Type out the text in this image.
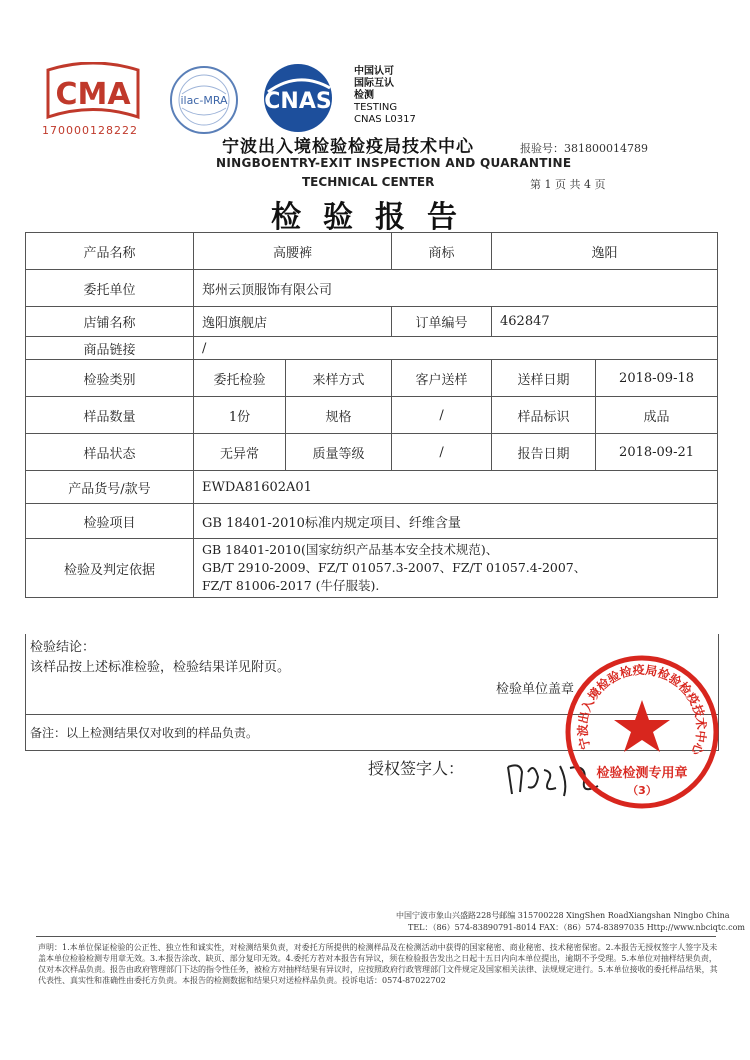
CMA
170000128222
ilac-MRA CNAS
中国认可
国际互认
检测
TESTING
CNAS L0317
宁波出入境检验检疫局技术中心
NINGBOENTRY-EXIT INSPECTION AND QUARANTINE
TECHNICAL CENTER
报验号：381800014789
第 1 页 共 4 页
检验报告
产品名称	高腰裤		商标	逸阳	
委托单位	郑州云顶服饰有限公司				
店铺名称	逸阳旗舰店		订单编号	462847	
商品链接	/				
检验类别	委托检验	来样方式	客户送样	送样日期	2018-09-18
样品数量	1份	规格	/	样品标识	成品
样品状态	无异常	质量等级	/	报告日期	2018-09-21
产品货号/款号	EWDA81602A01				
检验项目	GB 18401-2010标准内规定项目、纤维含量				
检验及判定依据	GB 18401-2010(国家纺织产品基本安全技术规范)、
GB/T 2910-2009、FZ/T 01057.3-2007、FZ/T 01057.4-2007、
FZ/T 81006-2017 (牛仔服装).				
检验结论：
该样品按上述标准检验，检验结果详见附页。
检验单位盖章
备注：以上检测结果仅对收到的样品负责。
授权签字人：
宁波出入境检验检疫局检验检疫技术中心
检验检测专用章
（3）
中国宁波市象山兴盛路228号邮编 315700228 XingShen RoadXiangshan Ningbo China
TEL：（86）574-83890791-8014 FAX：（86）574-83897035 Http://www.nbciqtc.com
声明：1.本单位保证检验的公正性、独立性和诚实性，对检测结果负责，对委托方所提供的检测样品及在检测活动中获得的国家秘密、商业秘密、技术秘密保密。2.本报告无授权签字人签字及未盖本单位检验检测专用章无效。3.本报告涂改、缺页、部分复印无效。4.委托方若对本报告有异议，须在检验报告发出之日起十五日内向本单位提出，逾期不予受理。5.本单位对抽样结果负责，仅对本次样品负责。报告由政府管理部门下达的指令性任务，被检方对抽样结果有异议时，应按照政府行政管理部门文件规定及国家相关法律、法规规定进行。5.本单位接收的委托样品结果，其代表性、真实性和准确性由委托方负责。本报告的检测数据和结果只对送检样品负责。投诉电话：0574-87022702
